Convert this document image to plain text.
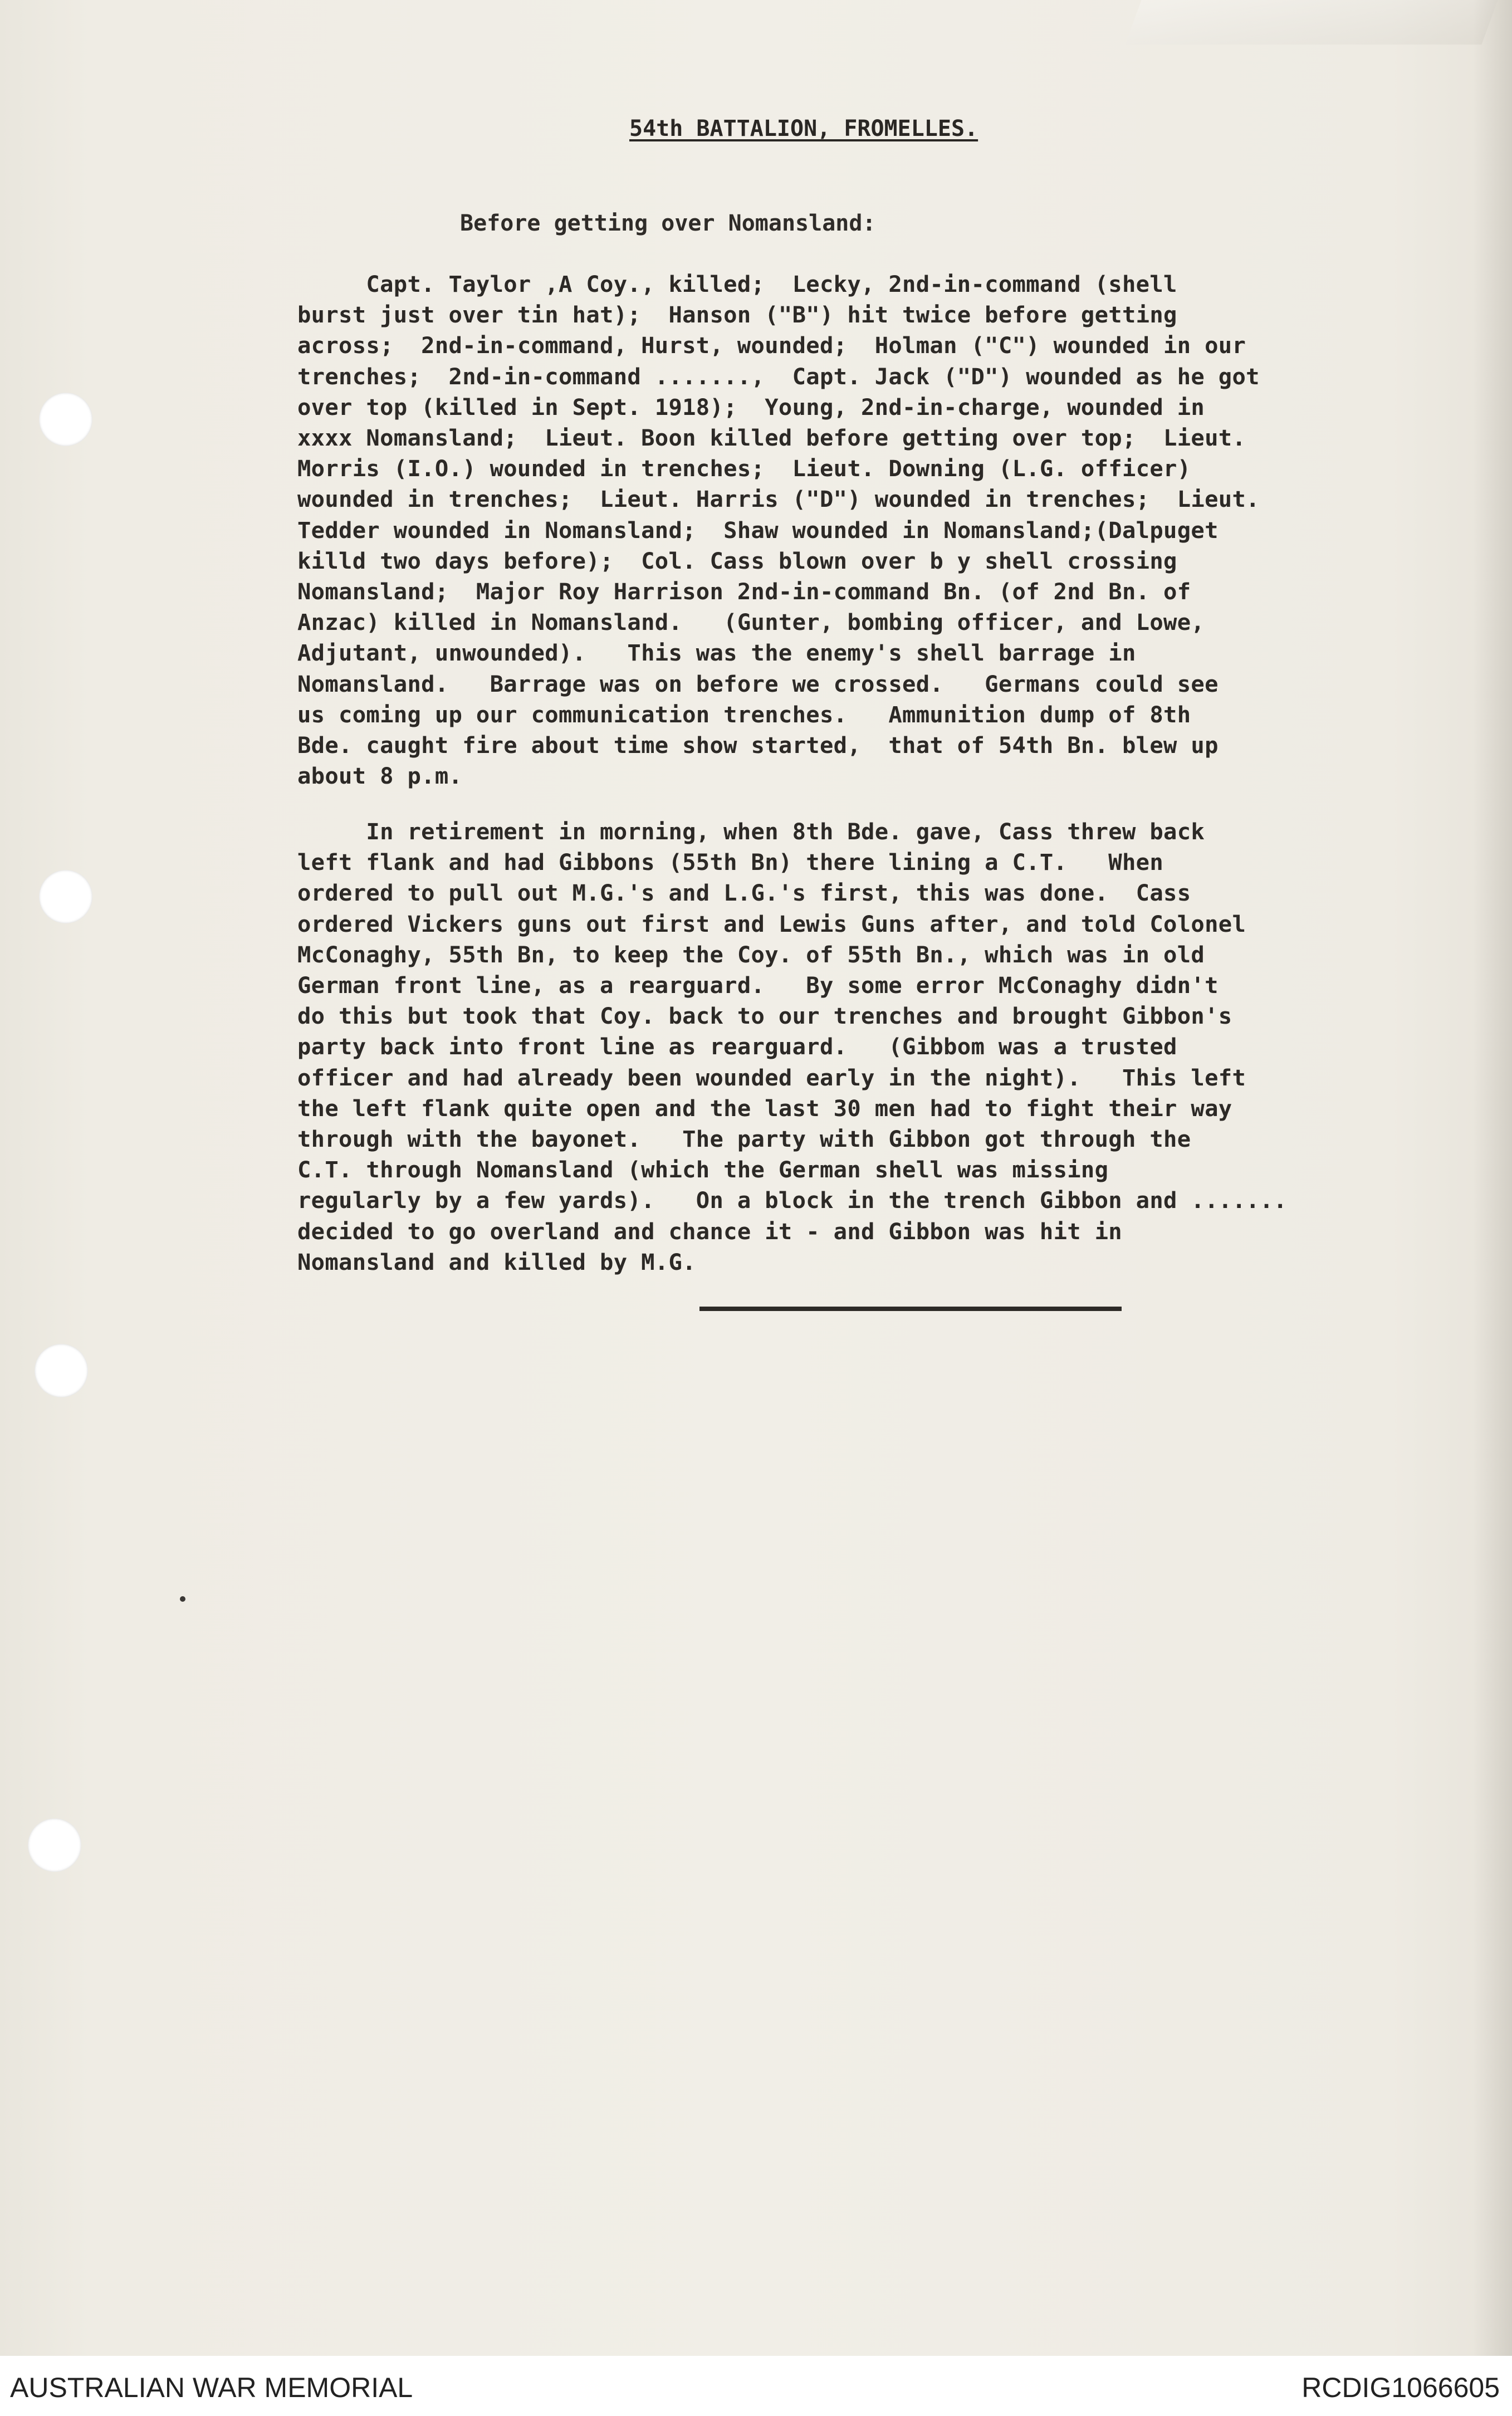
54th BATTALION, FROMELLES.

Before getting over Nomansland:

Capt. Taylor ,A Coy., killed;  Lecky, 2nd-in-command (shell
burst just over tin hat);  Hanson ("B") hit twice before getting
across;  2nd-in-command, Hurst, wounded;  Holman ("C") wounded in our
trenches;  2nd-in-command .......,  Capt. Jack ("D") wounded as he got
over top (killed in Sept. 1918);  Young, 2nd-in-charge, wounded in
xxxx Nomansland;  Lieut. Boon killed before getting over top;  Lieut.
Morris (I.O.) wounded in trenches;  Lieut. Downing (L.G. officer)
wounded in trenches;  Lieut. Harris ("D") wounded in trenches;  Lieut.
Tedder wounded in Nomansland;  Shaw wounded in Nomansland;(Dalpuget
killd two days before);  Col. Cass blown over b y shell crossing
Nomansland;  Major Roy Harrison 2nd-in-command Bn. (of 2nd Bn. of
Anzac) killed in Nomansland.   (Gunter, bombing officer, and Lowe,
Adjutant, unwounded).   This was the enemy's shell barrage in
Nomansland.   Barrage was on before we crossed.   Germans could see
us coming up our communication trenches.   Ammunition dump of 8th
Bde. caught fire about time show started,  that of 54th Bn. blew up
about 8 p.m.

In retirement in morning, when 8th Bde. gave, Cass threw back
left flank and had Gibbons (55th Bn) there lining a C.T.   When
ordered to pull out M.G.'s and L.G.'s first, this was done.  Cass
ordered Vickers guns out first and Lewis Guns after, and told Colonel
McConaghy, 55th Bn, to keep the Coy. of 55th Bn., which was in old
German front line, as a rearguard.   By some error McConaghy didn't
do this but took that Coy. back to our trenches and brought Gibbon's
party back into front line as rearguard.   (Gibbom was a trusted
officer and had already been wounded early in the night).   This left
the left flank quite open and the last 30 men had to fight their way
through with the bayonet.   The party with Gibbon got through the
C.T. through Nomansland (which the German shell was missing
regularly by a few yards).   On a block in the trench Gibbon and .......
decided to go overland and chance it - and Gibbon was hit in
Nomansland and killed by M.G.

AUSTRALIAN WAR MEMORIAL	RCDIG1066605
